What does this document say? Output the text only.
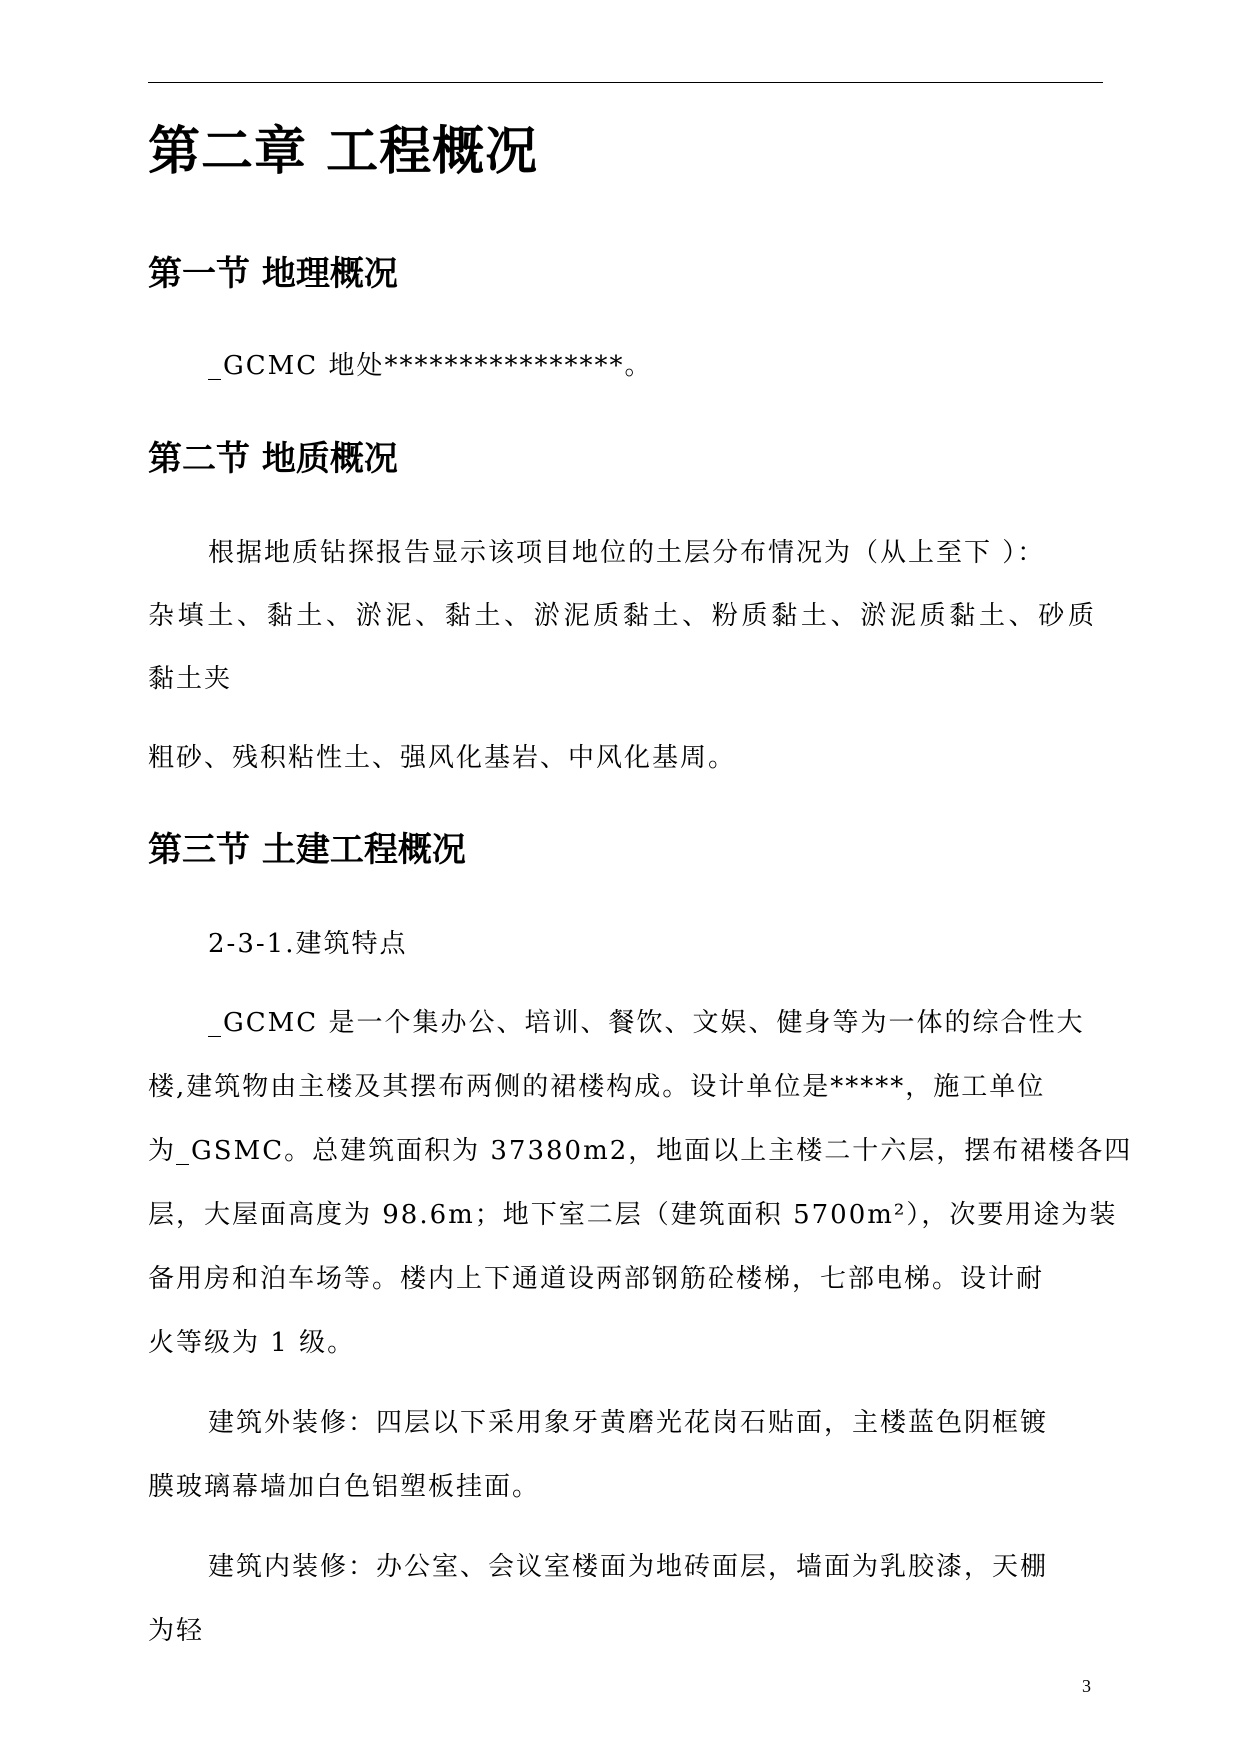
第二章 工程概况
第一节 地理概况

_GCMC 地处****************。

第二节 地质概况

根据地质钻探报告显示该项目地位的土层分布情况为（从上至下 ）：

杂填土、黏土、淤泥、黏土、淤泥质黏土、粉质黏土、淤泥质黏土、砂质

黏土夹

粗砂、残积粘性土、强风化基岩、中风化基周。

第三节 土建工程概况

2-3-1.建筑特点

_GCMC 是一个集办公、培训、餐饮、文娱、健身等为一体的综合性大

楼,建筑物由主楼及其摆布两侧的裙楼构成。设计单位是*****，施工单位

为_GSMC。总建筑面积为 37380m2，地面以上主楼二十六层，摆布裙楼各四

层，大屋面高度为 98.6m；地下室二层（建筑面积 5700m²），次要用途为装

备用房和泊车场等。楼内上下通道设两部钢筋砼楼梯，七部电梯。设计耐

火等级为 1 级。

建筑外装修：四层以下采用象牙黄磨光花岗石贴面，主楼蓝色阴框镀

膜玻璃幕墙加白色铝塑板挂面。

建筑内装修：办公室、会议室楼面为地砖面层，墙面为乳胶漆，天棚

为轻

3
